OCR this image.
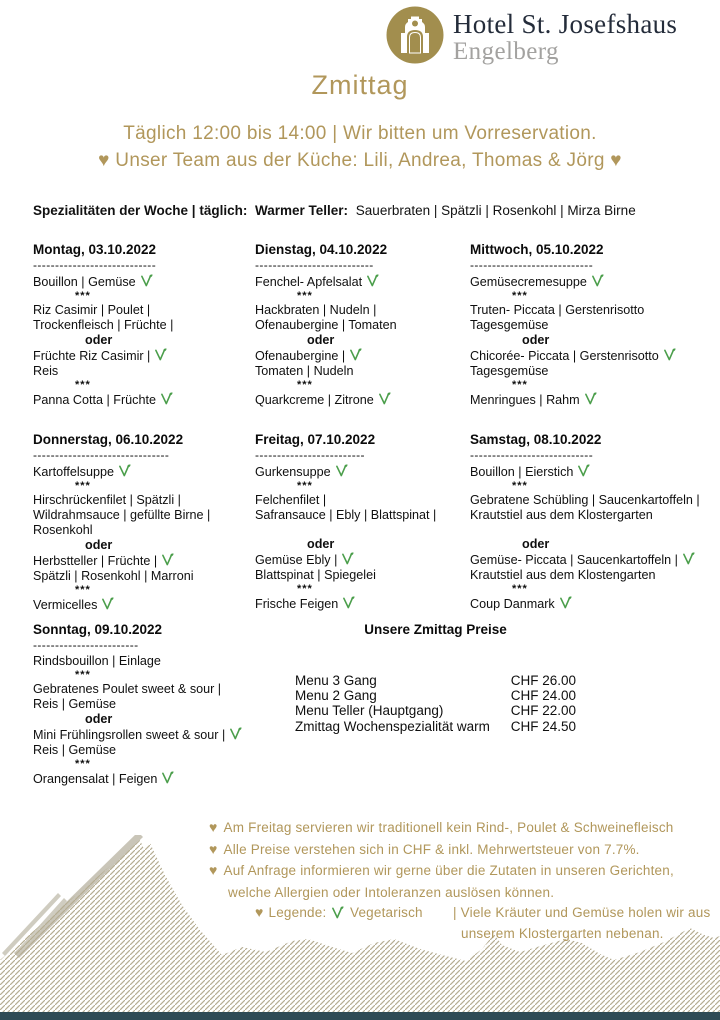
Hotel St. Josefshaus
Engelberg
Zmittag
Täglich 12:00 bis 14:00 | Wir bitten um Vorreservation.
♥ Unser Team aus der Küche: Lili, Andrea, Thomas & Jörg ♥
Spezialitäten der Woche | täglich: Warmer Teller: Sauerbraten | Spätzli | Rosenkohl | Mirza Birne
Montag, 03.10.2022
----------------------------
Bouillon | Gemüse
***
Riz Casimir | Poulet |
Trockenfleisch | Früchte |
oder
Früchte Riz Casimir |
Reis
***
Panna Cotta | Früchte
Dienstag, 04.10.2022
---------------------------
Fenchel- Apfelsalat
***
Hackbraten | Nudeln |
Ofenaubergine | Tomaten
oder
Ofenaubergine |
Tomaten | Nudeln
***
Quarkcreme | Zitrone
Mittwoch, 05.10.2022
----------------------------
Gemüsecremesuppe
***
Truten- Piccata | Gerstenrisotto
Tagesgemüse
oder
Chicorée- Piccata | Gerstenrisotto
Tagesgemüse
***
Menringues | Rahm
Donnerstag, 06.10.2022
-------------------------------
Kartoffelsuppe
***
Hirschrückenfilet | Spätzli |
Wildrahmsauce | gefüllte Birne |
Rosenkohl
oder
Herbstteller | Früchte |
Spätzli | Rosenkohl | Marroni
***
Vermicelles
Freitag, 07.10.2022
-------------------------
Gurkensuppe
***
Felchenfilet |
Safransauce | Ebly | Blattspinat |

oder
Gemüse Ebly |
Blattspinat | Spiegelei
***
Frische Feigen
Samstag, 08.10.2022
----------------------------
Bouillon | Eierstich
***
Gebratene Schübling | Saucenkartoffeln |
Krautstiel aus dem Klostergarten

oder
Gemüse- Piccata | Saucenkartoffeln |
Krautstiel aus dem Klostengarten
***
Coup Danmark
Sonntag, 09.10.2022
------------------------
Rindsbouillon | Einlage
***
Gebratenes Poulet sweet & sour |
Reis | Gemüse
oder
Mini Frühlingsrollen sweet & sour |
Reis | Gemüse
***
Orangensalat | Feigen
Unsere Zmittag Preise
Menu 3 Gang	CHF 26.00
Menu 2 Gang	CHF 24.00
Menu Teller (Hauptgang)	CHF 22.00
Zmittag Wochenspezialität warm CHF 24.50
♥ Am Freitag servieren wir traditionell kein Rind-, Poulet & Schweinefleisch
♥ Alle Preise verstehen sich in CHF & inkl. Mehrwertsteuer von 7.7%.
♥ Auf Anfrage informieren wir gerne über die Zutaten in unseren Gerichten,
welche Allergien oder Intoleranzen auslösen können.
♥ Legende:	Vegetarisch | Viele Kräuter und Gemüse holen wir aus
unserem Klostergarten nebenan.
